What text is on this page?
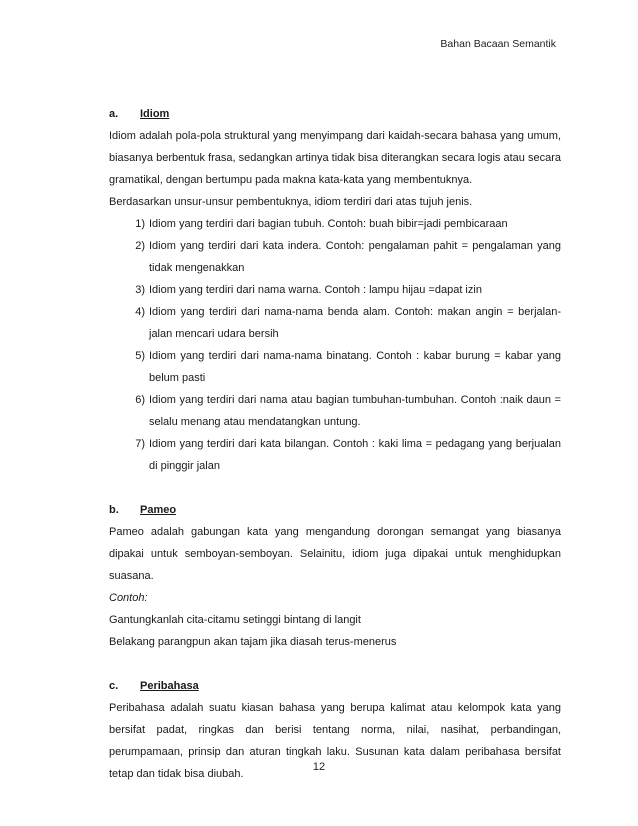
Bahan Bacaan Semantik
a.	Idiom

Idiom adalah pola-pola struktural yang menyimpang dari kaidah-secara bahasa yang umum, biasanya berbentuk frasa, sedangkan artinya tidak bisa diterangkan secara logis atau secara gramatikal, dengan bertumpu pada makna kata-kata yang membentuknya.

Berdasarkan unsur-unsur pembentuknya, idiom terdiri dari atas tujuh jenis.

1) Idiom yang terdiri dari bagian tubuh. Contoh: buah bibir=jadi pembicaraan
2) Idiom yang terdiri dari kata indera. Contoh: pengalaman pahit = pengalaman yang tidak mengenakkan
3) Idiom yang terdiri dari nama warna. Contoh : lampu hijau =dapat izin
4) Idiom yang terdiri dari nama-nama benda alam. Contoh: makan angin = berjalan-jalan mencari udara bersih
5) Idiom yang terdiri dari nama-nama binatang. Contoh : kabar burung = kabar yang belum pasti
6) Idiom yang terdiri dari nama atau bagian tumbuhan-tumbuhan. Contoh :naik daun = selalu menang atau mendatangkan untung.
7) Idiom yang terdiri dari kata bilangan. Contoh : kaki lima = pedagang yang berjualan di pinggir jalan
b.	Pameo

Pameo adalah gabungan kata yang mengandung dorongan semangat yang biasanya dipakai untuk semboyan-semboyan. Selainitu, idiom juga dipakai untuk menghidupkan suasana.

Contoh:

Gantungkanlah cita-citamu setinggi bintang di langit

Belakang parangpun akan tajam jika diasah terus-menerus

c.	Peribahasa

Peribahasa adalah suatu kiasan bahasa yang berupa kalimat atau kelompok kata yang bersifat padat, ringkas dan berisi tentang norma, nilai, nasihat, perbandingan, perumpamaan, prinsip dan aturan tingkah laku. Susunan kata dalam peribahasa bersifat tetap dan tidak bisa diubah.

12
